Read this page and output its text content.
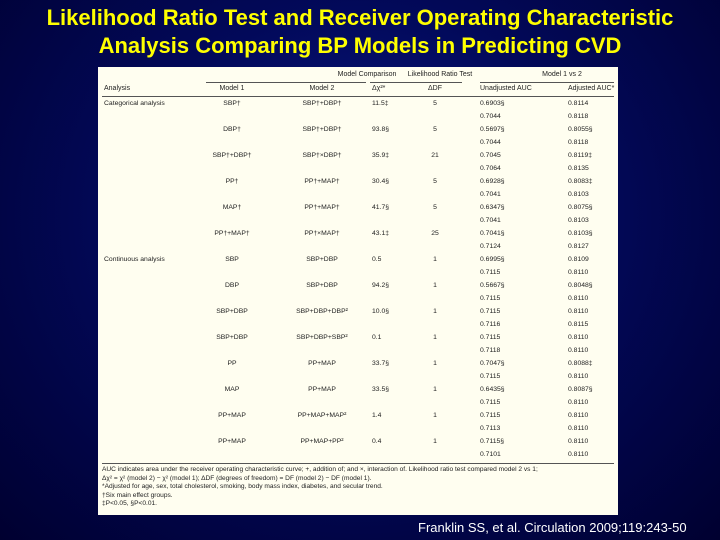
Likelihood Ratio Test and Receiver Operating Characteristic
Analysis Comparing BP Models in Predicting CVD
Model Comparison	Likelihood Ratio Test	Model 1 vs 2
Analysis	Model 1	Model 2	Δχ²*	ΔDF	Unadjusted AUC	Adjusted AUC*
Categorical analysis	SBP†	SBP†+DBP†	11.5‡	5	0.6903§	0.8114
0.7044	0.8118
DBP†	SBP†+DBP†	93.8§	5	0.5697§	0.8055§
0.7044	0.8118
SBP†+DBP†	SBP†×DBP†	35.9‡	21	0.7045	0.8119‡
0.7064	0.8135
PP†	PP†+MAP†	30.4§	5	0.6928§	0.8083‡
0.7041	0.8103
MAP†	PP†+MAP†	41.7§	5	0.6347§	0.8075§
0.7041	0.8103
PP†+MAP†	PP†×MAP†	43.1‡	25	0.7041§	0.8103§
0.7124	0.8127
Continuous analysis	SBP	SBP+DBP	0.5	1	0.6995§	0.8109
0.7115	0.8110
DBP	SBP+DBP	94.2§	1	0.5667§	0.8048§
0.7115	0.8110
SBP+DBP	SBP+DBP+DBP²	10.0§	1	0.7115	0.8110
0.7116	0.8115
SBP+DBP	SBP+DBP+SBP²	0.1	1	0.7115	0.8110
0.7118	0.8110
PP	PP+MAP	33.7§	1	0.7047§	0.8088‡
0.7115	0.8110
MAP	PP+MAP	33.5§	1	0.6435§	0.8087§
0.7115	0.8110
PP+MAP	PP+MAP+MAP²	1.4	1	0.7115	0.8110
0.7113	0.8110
PP+MAP	PP+MAP+PP²	0.4	1	0.7115§	0.8110
0.7101	0.8110
AUC indicates area under the receiver operating characteristic curve; +, addition of; and ×, interaction of. Likelihood ratio test compared model 2 vs 1;
Δχ² = χ² (model 2) − χ² (model 1); ΔDF (degrees of freedom) = DF (model 2) − DF (model 1).
*Adjusted for age, sex, total cholesterol, smoking, body mass index, diabetes, and secular trend.
†Six main effect groups.
‡P<0.05, §P<0.01.
Franklin SS, et al. Circulation 2009;119:243-50
